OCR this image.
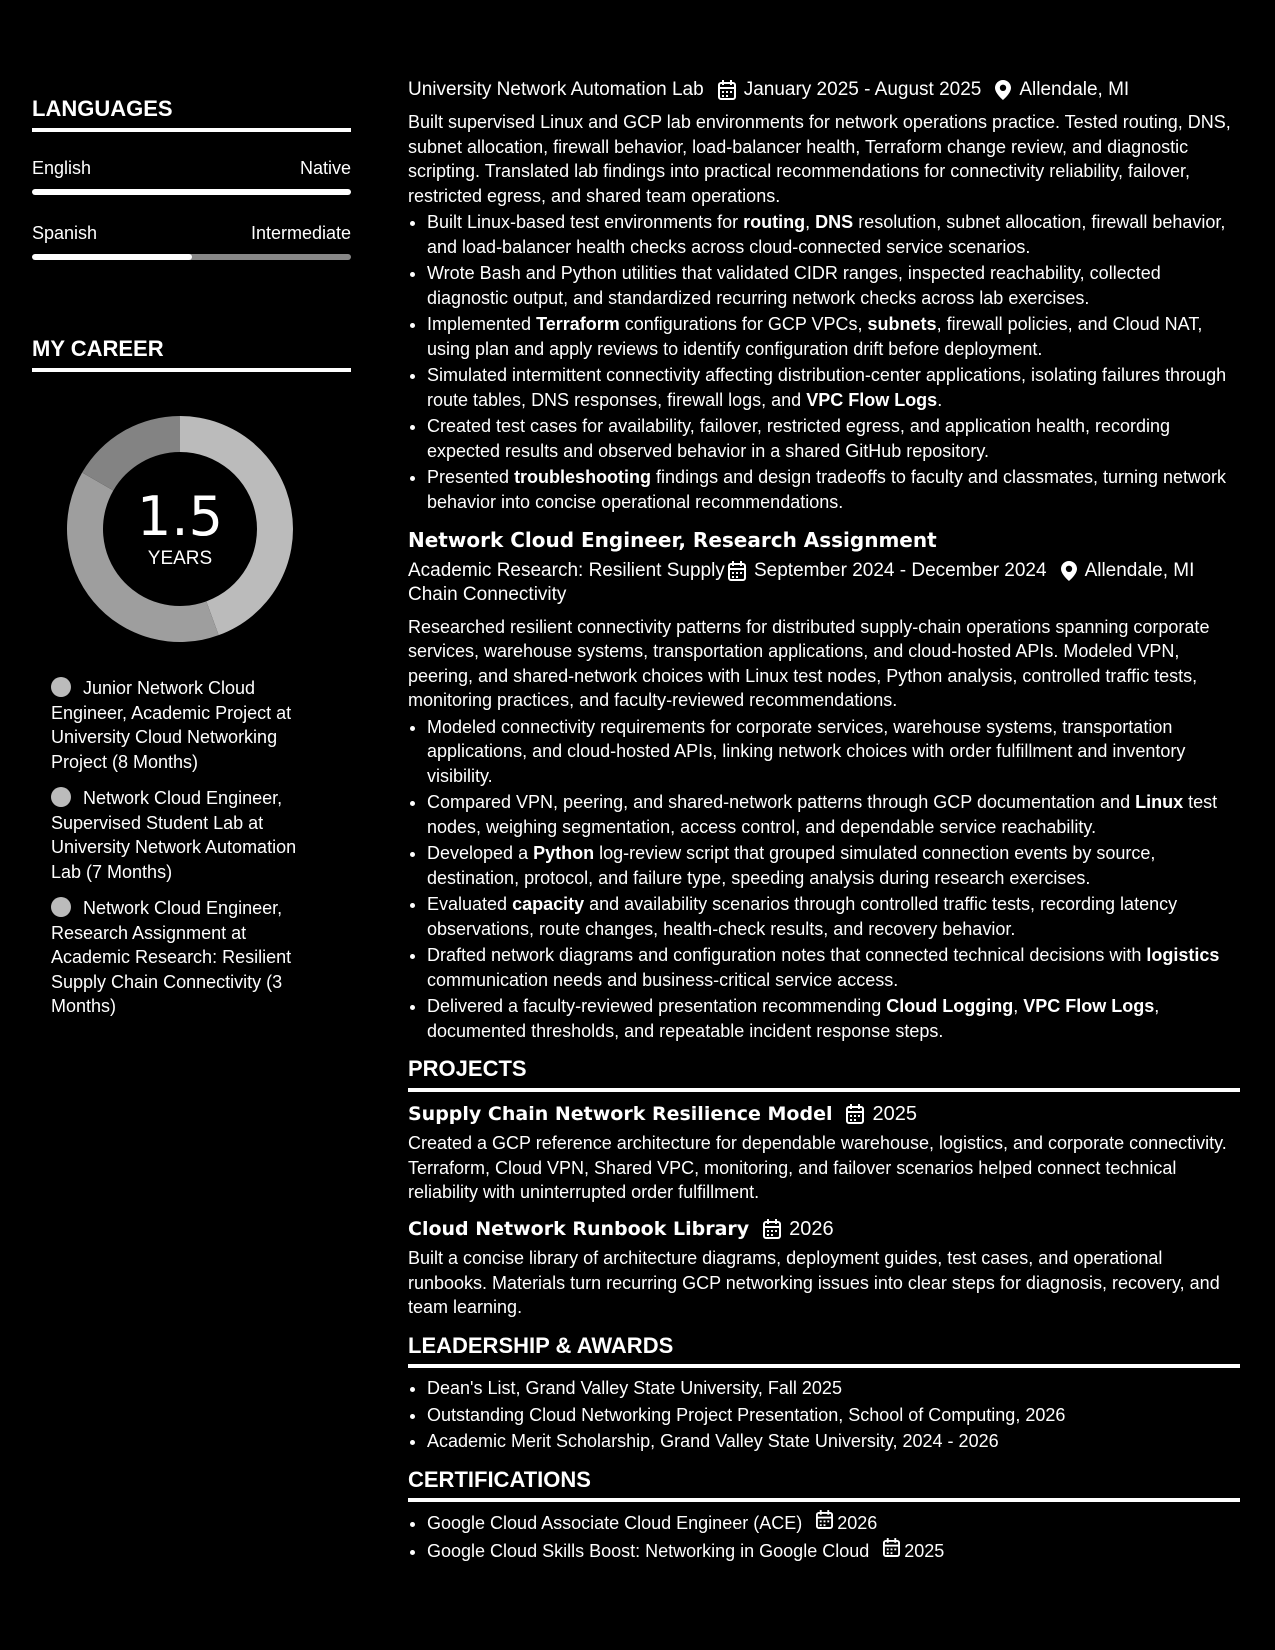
LANGUAGES
English	Native
Spanish	Intermediate
MY CAREER
1.5
YEARS
Junior Network Cloud Engineer, Academic Project at University Cloud Networking Project (8 Months)
Network Cloud Engineer, Supervised Student Lab at University Network Automation Lab (7 Months)
Network Cloud Engineer, Research Assignment at Academic Research: Resilient Supply Chain Connectivity (3 Months)
University Network Automation Lab January 2025 - August 2025 Allendale, MI

Built supervised Linux and GCP lab environments for network operations practice. Tested routing, DNS, subnet allocation, firewall behavior, load-balancer health, Terraform change review, and diagnostic scripting. Translated lab findings into practical recommendations for connectivity reliability, failover, restricted egress, and shared team operations.

• Built Linux-based test environments for routing, DNS resolution, subnet allocation, firewall behavior, and load-balancer health checks across cloud-connected service scenarios.
• Wrote Bash and Python utilities that validated CIDR ranges, inspected reachability, collected diagnostic output, and standardized recurring network checks across lab exercises.
• Implemented Terraform configurations for GCP VPCs, subnets, firewall policies, and Cloud NAT, using plan and apply reviews to identify configuration drift before deployment.
• Simulated intermittent connectivity affecting distribution-center applications, isolating failures through route tables, DNS responses, firewall logs, and VPC Flow Logs.
• Created test cases for availability, failover, restricted egress, and application health, recording expected results and observed behavior in a shared GitHub repository.
• Presented troubleshooting findings and design tradeoffs to faculty and classmates, turning network behavior into concise operational recommendations.
Network Cloud Engineer, Research Assignment
Academic Research: Resilient Supply Chain Connectivity
September 2024 - December 2024 Allendale, MI

Researched resilient connectivity patterns for distributed supply-chain operations spanning corporate services, warehouse systems, transportation applications, and cloud-hosted APIs. Modeled VPN, peering, and shared-network choices with Linux test nodes, Python analysis, controlled traffic tests, monitoring practices, and faculty-reviewed recommendations.

• Modeled connectivity requirements for corporate services, warehouse systems, transportation applications, and cloud-hosted APIs, linking network choices with order fulfillment and inventory visibility.
• Compared VPN, peering, and shared-network patterns through GCP documentation and Linux test nodes, weighing segmentation, access control, and dependable service reachability.
• Developed a Python log-review script that grouped simulated connection events by source, destination, protocol, and failure type, speeding analysis during research exercises.
• Evaluated capacity and availability scenarios through controlled traffic tests, recording latency observations, route changes, health-check results, and recovery behavior.
• Drafted network diagrams and configuration notes that connected technical decisions with logistics communication needs and business-critical service access.
• Delivered a faculty-reviewed presentation recommending Cloud Logging, VPC Flow Logs, documented thresholds, and repeatable incident response steps.
PROJECTS
Supply Chain Network Resilience Model 2025

Created a GCP reference architecture for dependable warehouse, logistics, and corporate connectivity. Terraform, Cloud VPN, Shared VPC, monitoring, and failover scenarios helped connect technical reliability with uninterrupted order fulfillment.

Cloud Network Runbook Library 2026

Built a concise library of architecture diagrams, deployment guides, test cases, and operational runbooks. Materials turn recurring GCP networking issues into clear steps for diagnosis, recovery, and team learning.

LEADERSHIP & AWARDS
• Dean's List, Grand Valley State University, Fall 2025
• Outstanding Cloud Networking Project Presentation, School of Computing, 2026
• Academic Merit Scholarship, Grand Valley State University, 2024 - 2026
CERTIFICATIONS
• Google Cloud Associate Cloud Engineer (ACE) 2026
• Google Cloud Skills Boost: Networking in Google Cloud 2025
